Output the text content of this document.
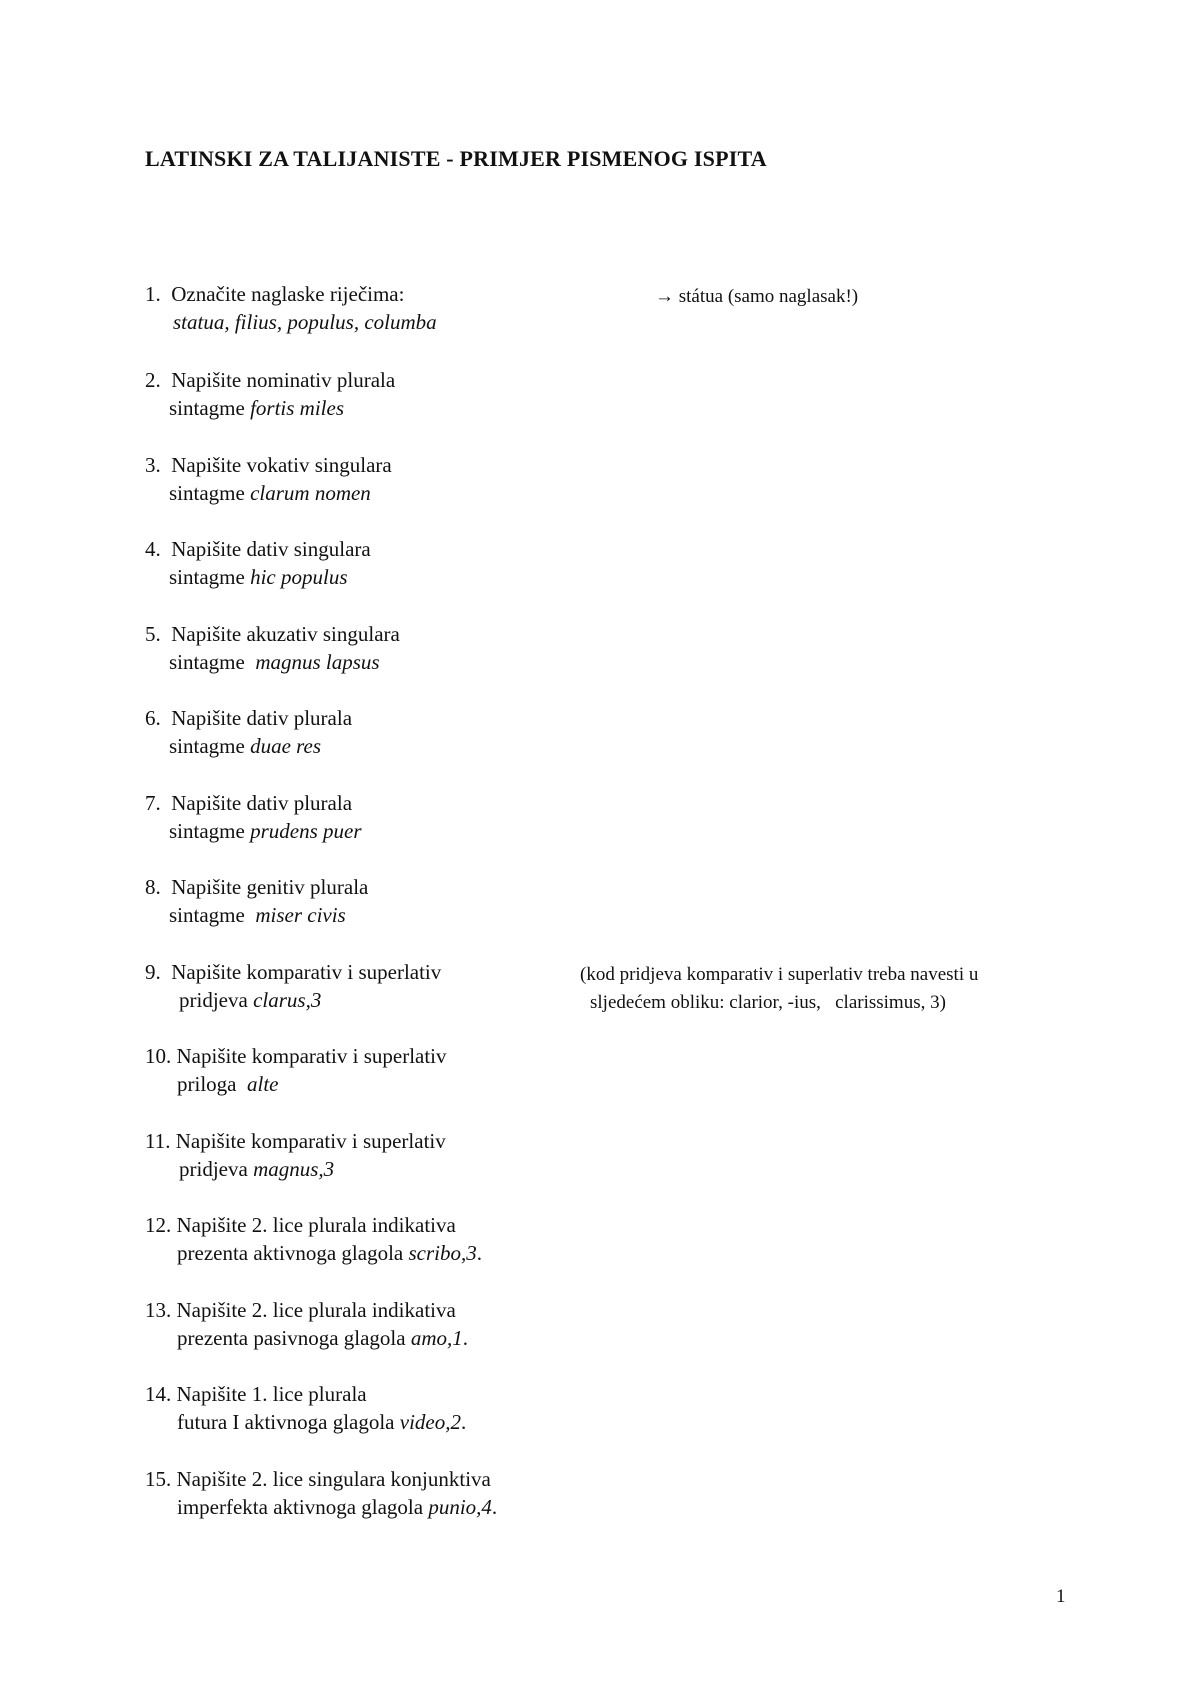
LATINSKI ZA TALIJANISTE - PRIMJER PISMENOG ISPITA
1. Označite naglaske riječima:
statua, filius, populus, columba
→ státua (samo naglasak!)
2. Napišite nominativ plurala
sintagme fortis miles
3. Napišite vokativ singulara
sintagme clarum nomen
4. Napišite dativ singulara
sintagme hic populus
5. Napišite akuzativ singulara
sintagme  magnus lapsus
6. Napišite dativ plurala
sintagme duae res
7. Napišite dativ plurala
sintagme prudens puer
8. Napišite genitiv plurala
sintagme  miser civis
9. Napišite komparativ i superlativ
pridjeva clarus,3
(kod pridjeva komparativ i superlativ treba navesti u
sljedećem obliku: clarior, -ius,   clarissimus, 3)
10. Napišite komparativ i superlativ
priloga  alte
11. Napišite komparativ i superlativ
pridjeva magnus,3
12. Napišite 2. lice plurala indikativa
prezenta aktivnoga glagola scribo,3.
13. Napišite 2. lice plurala indikativa
prezenta pasivnoga glagola amo,1.
14. Napišite 1. lice plurala
futura I aktivnoga glagola video,2.
15. Napišite 2. lice singulara konjunktiva
imperfekta aktivnoga glagola punio,4.
1
